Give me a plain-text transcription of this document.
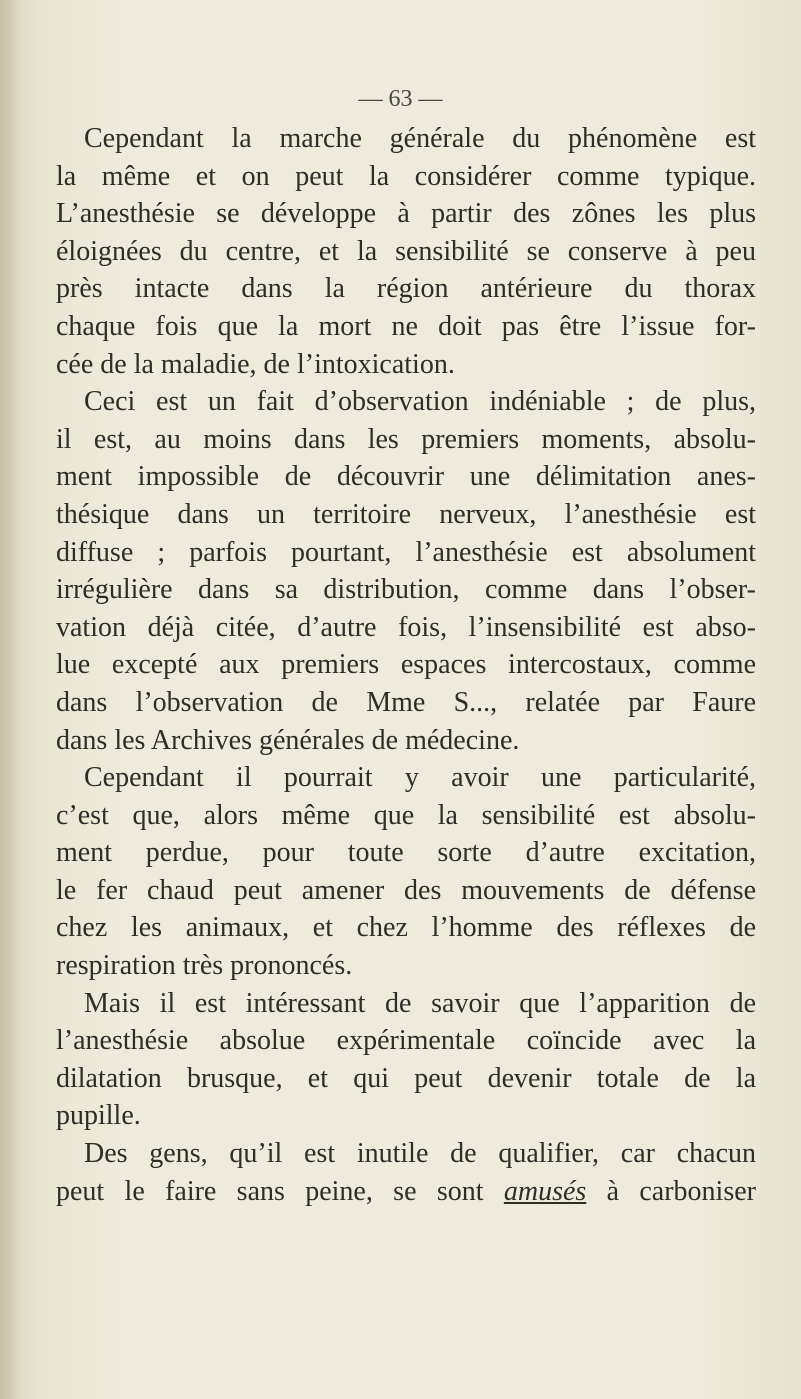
— 63 —
Cependant la marche générale du phénomène est
la même et on peut la considérer comme typique.
L’anesthésie se développe à partir des zônes les plus
éloignées du centre, et la sensibilité se conserve à peu
près intacte dans la région antérieure du thorax
chaque fois que la mort ne doit pas être l’issue for-
cée de la maladie, de l’intoxication.
Ceci est un fait d’observation indéniable ; de plus,
il est, au moins dans les premiers moments, absolu-
ment impossible de découvrir une délimitation anes-
thésique dans un territoire nerveux, l’anesthésie est
diffuse ; parfois pourtant, l’anesthésie est absolument
irrégulière dans sa distribution, comme dans l’obser-
vation déjà citée, d’autre fois, l’insensibilité est abso-
lue excepté aux premiers espaces intercostaux, comme
dans l’observation de Mme S..., relatée par Faure
dans les Archives générales de médecine.
Cependant il pourrait y avoir une particularité,
c’est que, alors même que la sensibilité est absolu-
ment perdue, pour toute sorte d’autre excitation,
le fer chaud peut amener des mouvements de défense
chez les animaux, et chez l’homme des réflexes de
respiration très prononcés.
Mais il est intéressant de savoir que l’apparition de
l’anesthésie absolue expérimentale coïncide avec la
dilatation brusque, et qui peut devenir totale de la
pupille.
Des gens, qu’il est inutile de qualifier, car chacun
peut le faire sans peine, se sont amusés à carboniser
